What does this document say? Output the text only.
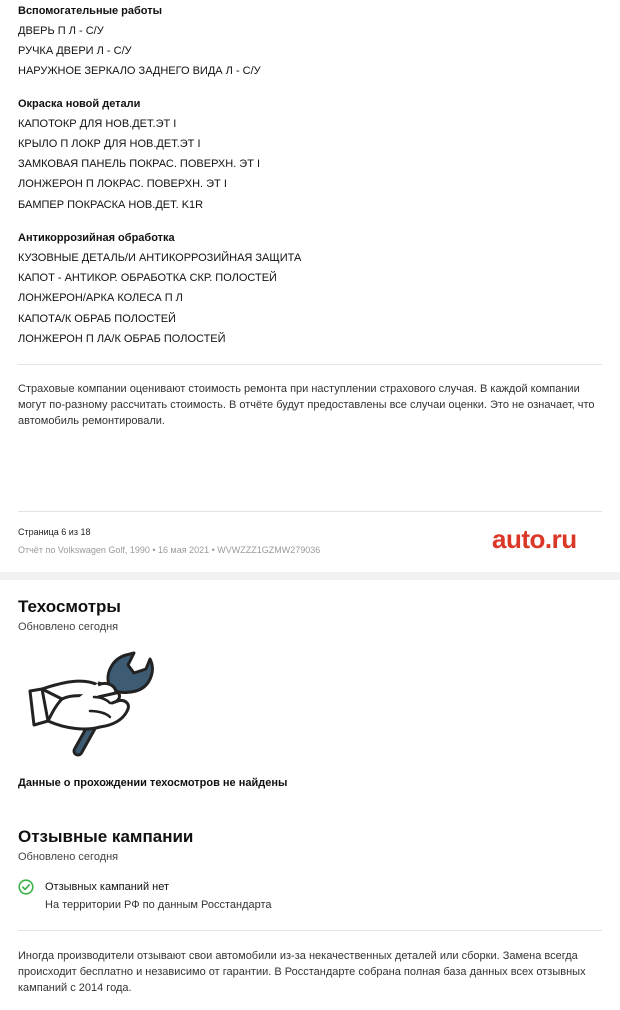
Вспомогательные работы
ДВЕРЬ П Л - С/У
РУЧКА ДВЕРИ Л - С/У
НАРУЖНОЕ ЗЕРКАЛО ЗАДНЕГО ВИДА Л - С/У
Окраска новой детали
КАПОТОКР ДЛЯ НОВ.ДЕТ.ЭТ I
КРЫЛО П ЛОКР ДЛЯ НОВ.ДЕТ.ЭТ I
ЗАМКОВАЯ ПАНЕЛЬ ПОКРАС. ПОВЕРХН. ЭТ I
ЛОНЖЕРОН П ЛОКРАС. ПОВЕРХН. ЭТ I
БАМПЕР ПОКРАСКА НОВ.ДЕТ. K1R
Антикоррозийная обработка
КУЗОВНЫЕ ДЕТАЛЬ/И АНТИКОРРОЗИЙНАЯ ЗАЩИТА
КАПОТ - АНТИКОР. ОБРАБОТКА СКР. ПОЛОСТЕЙ
ЛОНЖЕРОН/АРКА КОЛЕСА П Л
КАПОТА/К ОБРАБ ПОЛОСТЕЙ
ЛОНЖЕРОН П ЛА/К ОБРАБ ПОЛОСТЕЙ
Страховые компании оценивают стоимость ремонта при наступлении страхового случая. В каждой компании могут по-разному рассчитать стоимость. В отчёте будут предоставлены все случаи оценки. Это не означает, что автомобиль ремонтировали.
Страница 6 из 18
Отчёт по Volkswagen Golf, 1990 • 16 мая 2021 • WVWZZZ1GZMW279036	auto.ru
Техосмотры
Обновлено сегодня
Данные о прохождении техосмотров не найдены
Отзывные кампании
Обновлено сегодня
Отзывных кампаний нет
На территории РФ по данным Росстандарта
Иногда производители отзывают свои автомобили из-за некачественных деталей или сборки. Замена всегда происходит бесплатно и независимо от гарантии. В Росстандарте собрана полная база данных всех отзывных кампаний с 2014 года.
